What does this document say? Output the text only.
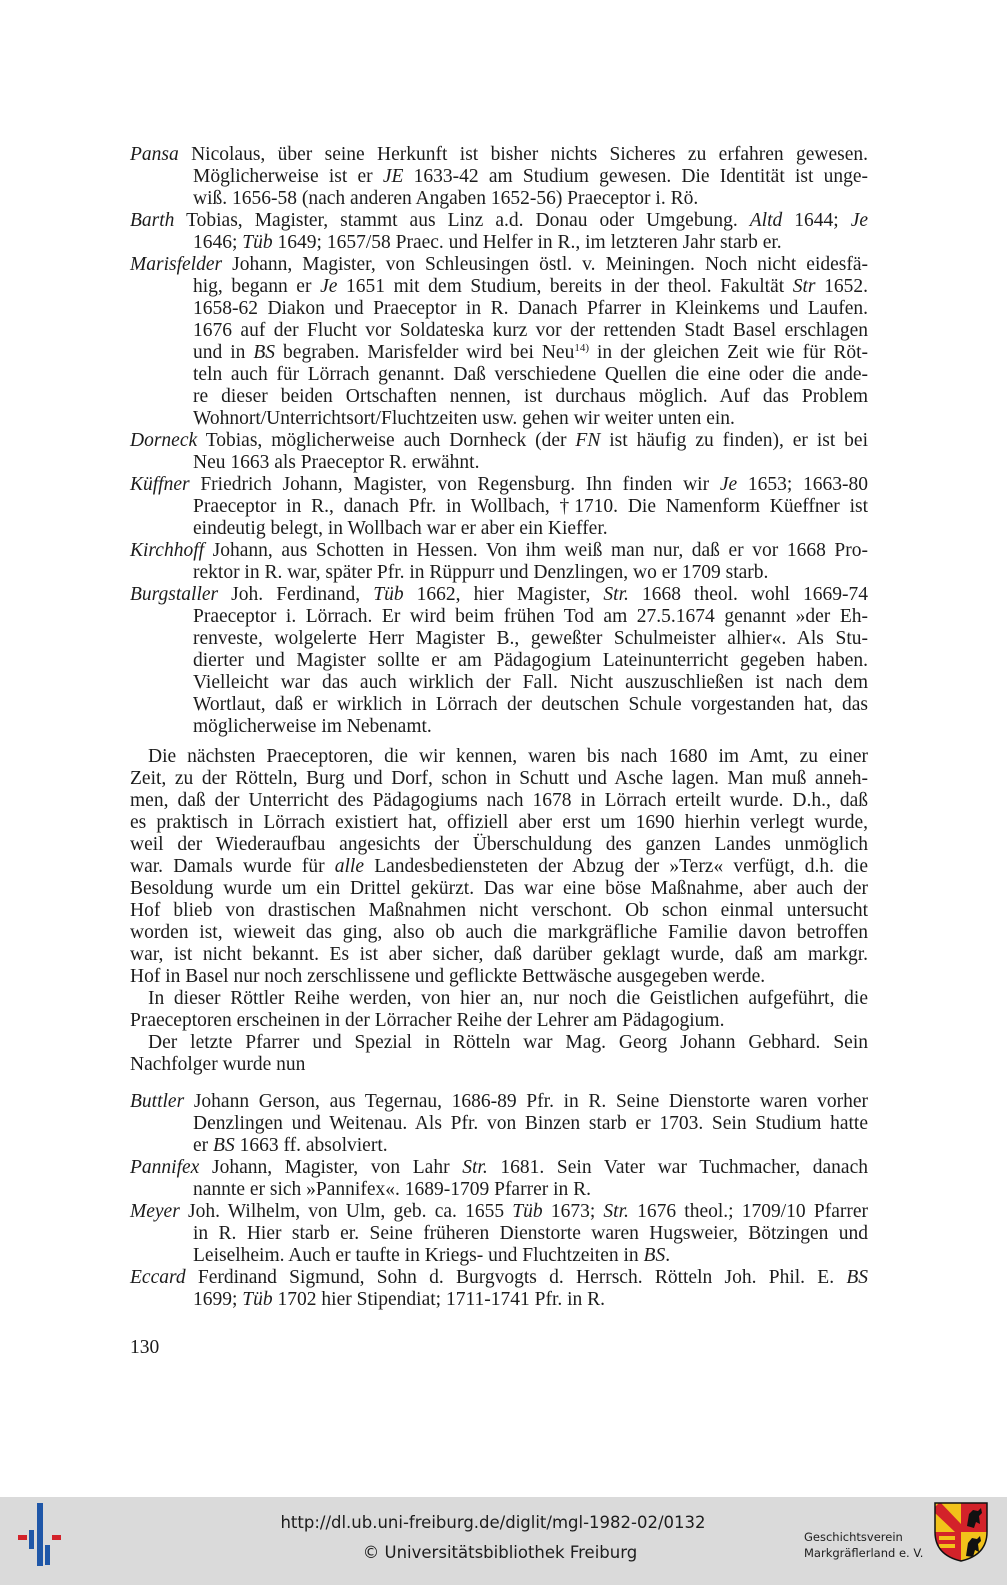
Pansa Nicolaus, über seine Herkunft ist bisher nichts Sicheres zu erfahren gewesen.
Möglicherweise ist er JE 1633-42 am Studium gewesen. Die Identität ist unge-
wiß. 1656-58 (nach anderen Angaben 1652-56) Praeceptor i. Rö.
Barth Tobias, Magister, stammt aus Linz a.d. Donau oder Umgebung. Altd 1644; Je
1646; Tüb 1649; 1657/58 Praec. und Helfer in R., im letzteren Jahr starb er.
Marisfelder Johann, Magister, von Schleusingen östl. v. Meiningen. Noch nicht eidesfä-
hig, begann er Je 1651 mit dem Studium, bereits in der theol. Fakultät Str 1652.
1658-62 Diakon und Praeceptor in R. Danach Pfarrer in Kleinkems und Laufen.
1676 auf der Flucht vor Soldateska kurz vor der rettenden Stadt Basel erschlagen
und in BS begraben. Marisfelder wird bei Neu$^{14)}$ in der gleichen Zeit wie für Röt-
teln auch für Lörrach genannt. Daß verschiedene Quellen die eine oder die ande-
re dieser beiden Ortschaften nennen, ist durchaus möglich. Auf das Problem
Wohnort/Unterrichtsort/Fluchtzeiten usw. gehen wir weiter unten ein.
Dorneck Tobias, möglicherweise auch Dornheck (der FN ist häufig zu finden), er ist bei
Neu 1663 als Praeceptor R. erwähnt.
Küffner Friedrich Johann, Magister, von Regensburg. Ihn finden wir Je 1653; 1663-80
Praeceptor in R., danach Pfr. in Wollbach, †1710. Die Namenform Küeffner ist
eindeutig belegt, in Wollbach war er aber ein Kieffer.
Kirchhoff Johann, aus Schotten in Hessen. Von ihm weiß man nur, daß er vor 1668 Pro-
rektor in R. war, später Pfr. in Rüppurr und Denzlingen, wo er 1709 starb.
Burgstaller Joh. Ferdinand, Tüb 1662, hier Magister, Str. 1668 theol. wohl 1669-74
Praeceptor i. Lörrach. Er wird beim frühen Tod am 27.5.1674 genannt »der Eh-
renveste, wolgelerte Herr Magister B., geweßter Schulmeister alhier«. Als Stu-
dierter und Magister sollte er am Pädagogium Lateinunterricht gegeben haben.
Vielleicht war das auch wirklich der Fall. Nicht auszuschließen ist nach dem
Wortlaut, daß er wirklich in Lörrach der deutschen Schule vorgestanden hat, das
möglicherweise im Nebenamt.
Die nächsten Praeceptoren, die wir kennen, waren bis nach 1680 im Amt, zu einer
Zeit, zu der Rötteln, Burg und Dorf, schon in Schutt und Asche lagen. Man muß anneh-
men, daß der Unterricht des Pädagogiums nach 1678 in Lörrach erteilt wurde. D.h., daß
es praktisch in Lörrach existiert hat, offiziell aber erst um 1690 hierhin verlegt wurde,
weil der Wiederaufbau angesichts der Überschuldung des ganzen Landes unmöglich
war. Damals wurde für alle Landesbediensteten der Abzug der »Terz« verfügt, d.h. die
Besoldung wurde um ein Drittel gekürzt. Das war eine böse Maßnahme, aber auch der
Hof blieb von drastischen Maßnahmen nicht verschont. Ob schon einmal untersucht
worden ist, wieweit das ging, also ob auch die markgräfliche Familie davon betroffen
war, ist nicht bekannt. Es ist aber sicher, daß darüber geklagt wurde, daß am markgr.
Hof in Basel nur noch zerschlissene und geflickte Bettwäsche ausgegeben werde.
In dieser Röttler Reihe werden, von hier an, nur noch die Geistlichen aufgeführt, die
Praeceptoren erscheinen in der Lörracher Reihe der Lehrer am Pädagogium.
Der letzte Pfarrer und Spezial in Rötteln war Mag. Georg Johann Gebhard. Sein
Nachfolger wurde nun
Buttler Johann Gerson, aus Tegernau, 1686-89 Pfr. in R. Seine Dienstorte waren vorher
Denzlingen und Weitenau. Als Pfr. von Binzen starb er 1703. Sein Studium hatte
er BS 1663 ff. absolviert.
Pannifex Johann, Magister, von Lahr Str. 1681. Sein Vater war Tuchmacher, danach
nannte er sich »Pannifex«. 1689-1709 Pfarrer in R.
Meyer Joh. Wilhelm, von Ulm, geb. ca. 1655 Tüb 1673; Str. 1676 theol.; 1709/10 Pfarrer
in R. Hier starb er. Seine früheren Dienstorte waren Hugsweier, Bötzingen und
Leiselheim. Auch er taufte in Kriegs- und Fluchtzeiten in BS.
Eccard Ferdinand Sigmund, Sohn d. Burgvogts d. Herrsch. Rötteln Joh. Phil. E. BS
1699; Tüb 1702 hier Stipendiat; 1711-1741 Pfr. in R.
130
http://dl.ub.uni-freiburg.de/diglit/mgl-1982-02/0132
© Universitätsbibliothek Freiburg
Geschichtsverein
Markgräflerland e. V.
